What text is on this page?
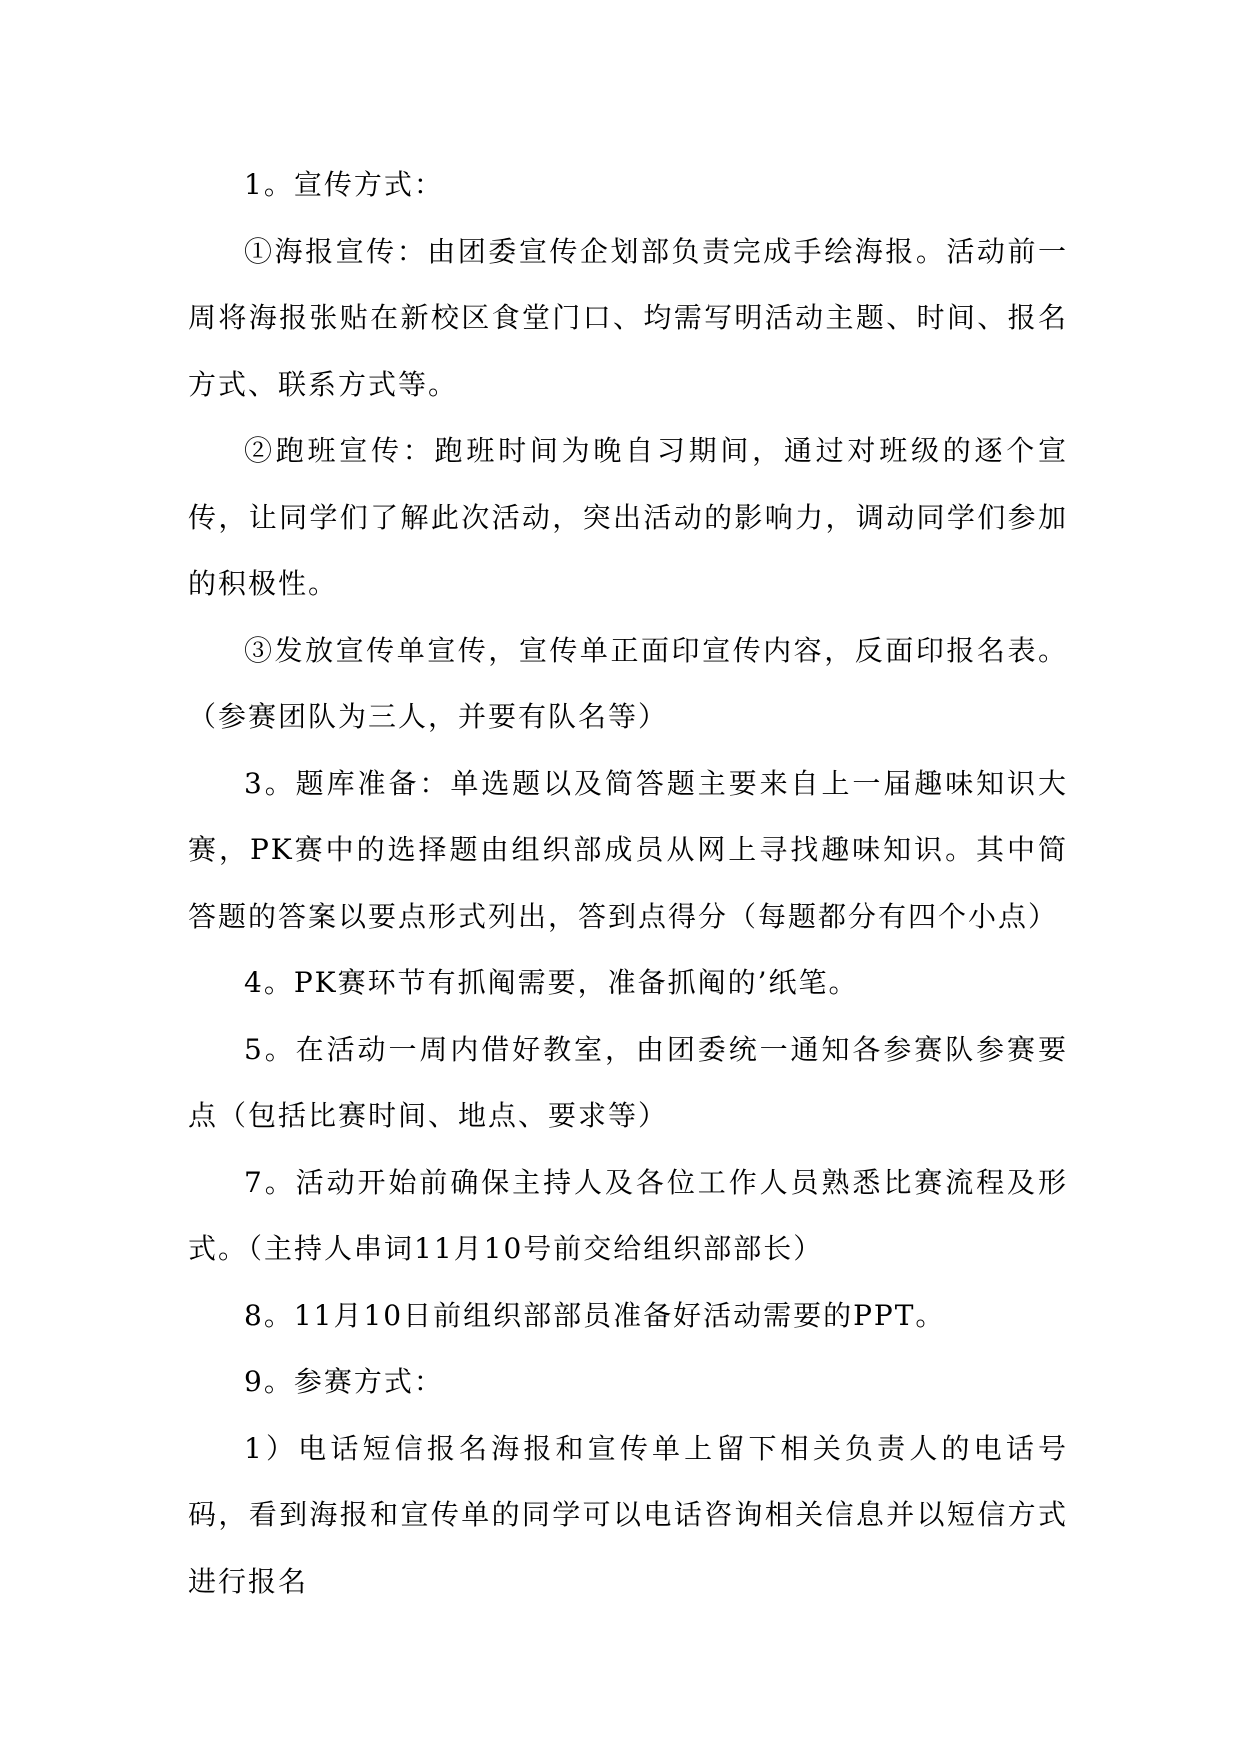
1。宣传方式：

①海报宣传：由团委宣传企划部负责完成手绘海报。活动前一周将海报张贴在新校区食堂门口、均需写明活动主题、时间、报名方式、联系方式等。

②跑班宣传：跑班时间为晚自习期间，通过对班级的逐个宣传，让同学们了解此次活动，突出活动的影响力，调动同学们参加的积极性。

③发放宣传单宣传，宣传单正面印宣传内容，反面印报名表。（参赛团队为三人，并要有队名等）

3。题库准备：单选题以及简答题主要来自上一届趣味知识大赛，PK赛中的选择题由组织部成员从网上寻找趣味知识。其中简答题的答案以要点形式列出，答到点得分（每题都分有四个小点）

4。PK赛环节有抓阄需要，准备抓阄的’纸笔。

5。在活动一周内借好教室，由团委统一通知各参赛队参赛要点（包括比赛时间、地点、要求等）

7。活动开始前确保主持人及各位工作人员熟悉比赛流程及形式。（主持人串词11月10号前交给组织部部长）

8。11月10日前组织部部员准备好活动需要的PPT。

9。参赛方式：

1）电话短信报名海报和宣传单上留下相关负责人的电话号码，看到海报和宣传单的同学可以电话咨询相关信息并以短信方式进行报名
